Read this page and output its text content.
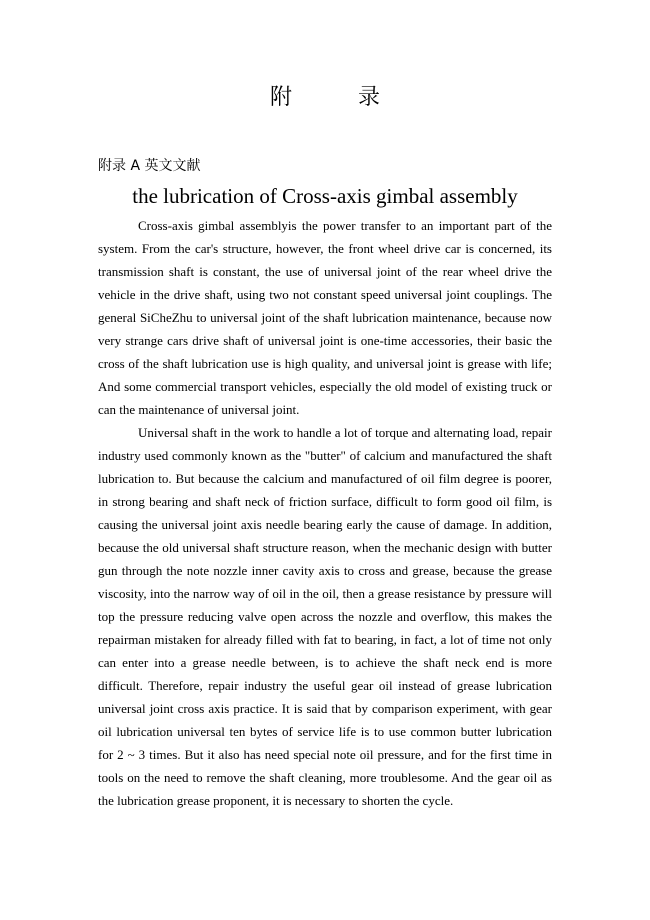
附　录
附录 A 英文文献
the lubrication of Cross-axis gimbal assembly

Cross-axis gimbal assemblyis the power transfer to an important part of the system. From the car's structure, however, the front wheel drive car is concerned, its transmission shaft is constant, the use of universal joint of the rear wheel drive the vehicle in the drive shaft, using two not constant speed universal joint couplings. The general SiCheZhu to universal joint of the shaft lubrication maintenance, because now very strange cars drive shaft of universal joint is one-time accessories, their basic the cross of the shaft lubrication use is high quality, and universal joint is grease with life; And some commercial transport vehicles, especially the old model of existing truck or can the maintenance of universal joint.

Universal shaft in the work to handle a lot of torque and alternating load, repair industry used commonly known as the "butter" of calcium and manufactured the shaft lubrication to. But because the calcium and manufactured of oil film degree is poorer, in strong bearing and shaft neck of friction surface, difficult to form good oil film, is causing the universal joint axis needle bearing early the cause of damage. In addition, because the old universal shaft structure reason, when the mechanic design with butter gun through the note nozzle inner cavity axis to cross and grease, because the grease viscosity, into the narrow way of oil in the oil, then a grease resistance by pressure will top the pressure reducing valve open across the nozzle and overflow, this makes the repairman mistaken for already filled with fat to bearing, in fact, a lot of time not only can enter into a grease needle between, is to achieve the shaft neck end is more difficult. Therefore, repair industry the useful gear oil instead of grease lubrication universal joint cross axis practice. It is said that by comparison experiment, with gear oil lubrication universal ten bytes of service life is to use common butter lubrication for 2 ~ 3 times. But it also has need special note oil pressure, and for the first time in tools on the need to remove the shaft cleaning, more troublesome. And the gear oil as the lubrication grease proponent, it is necessary to shorten the cycle.
